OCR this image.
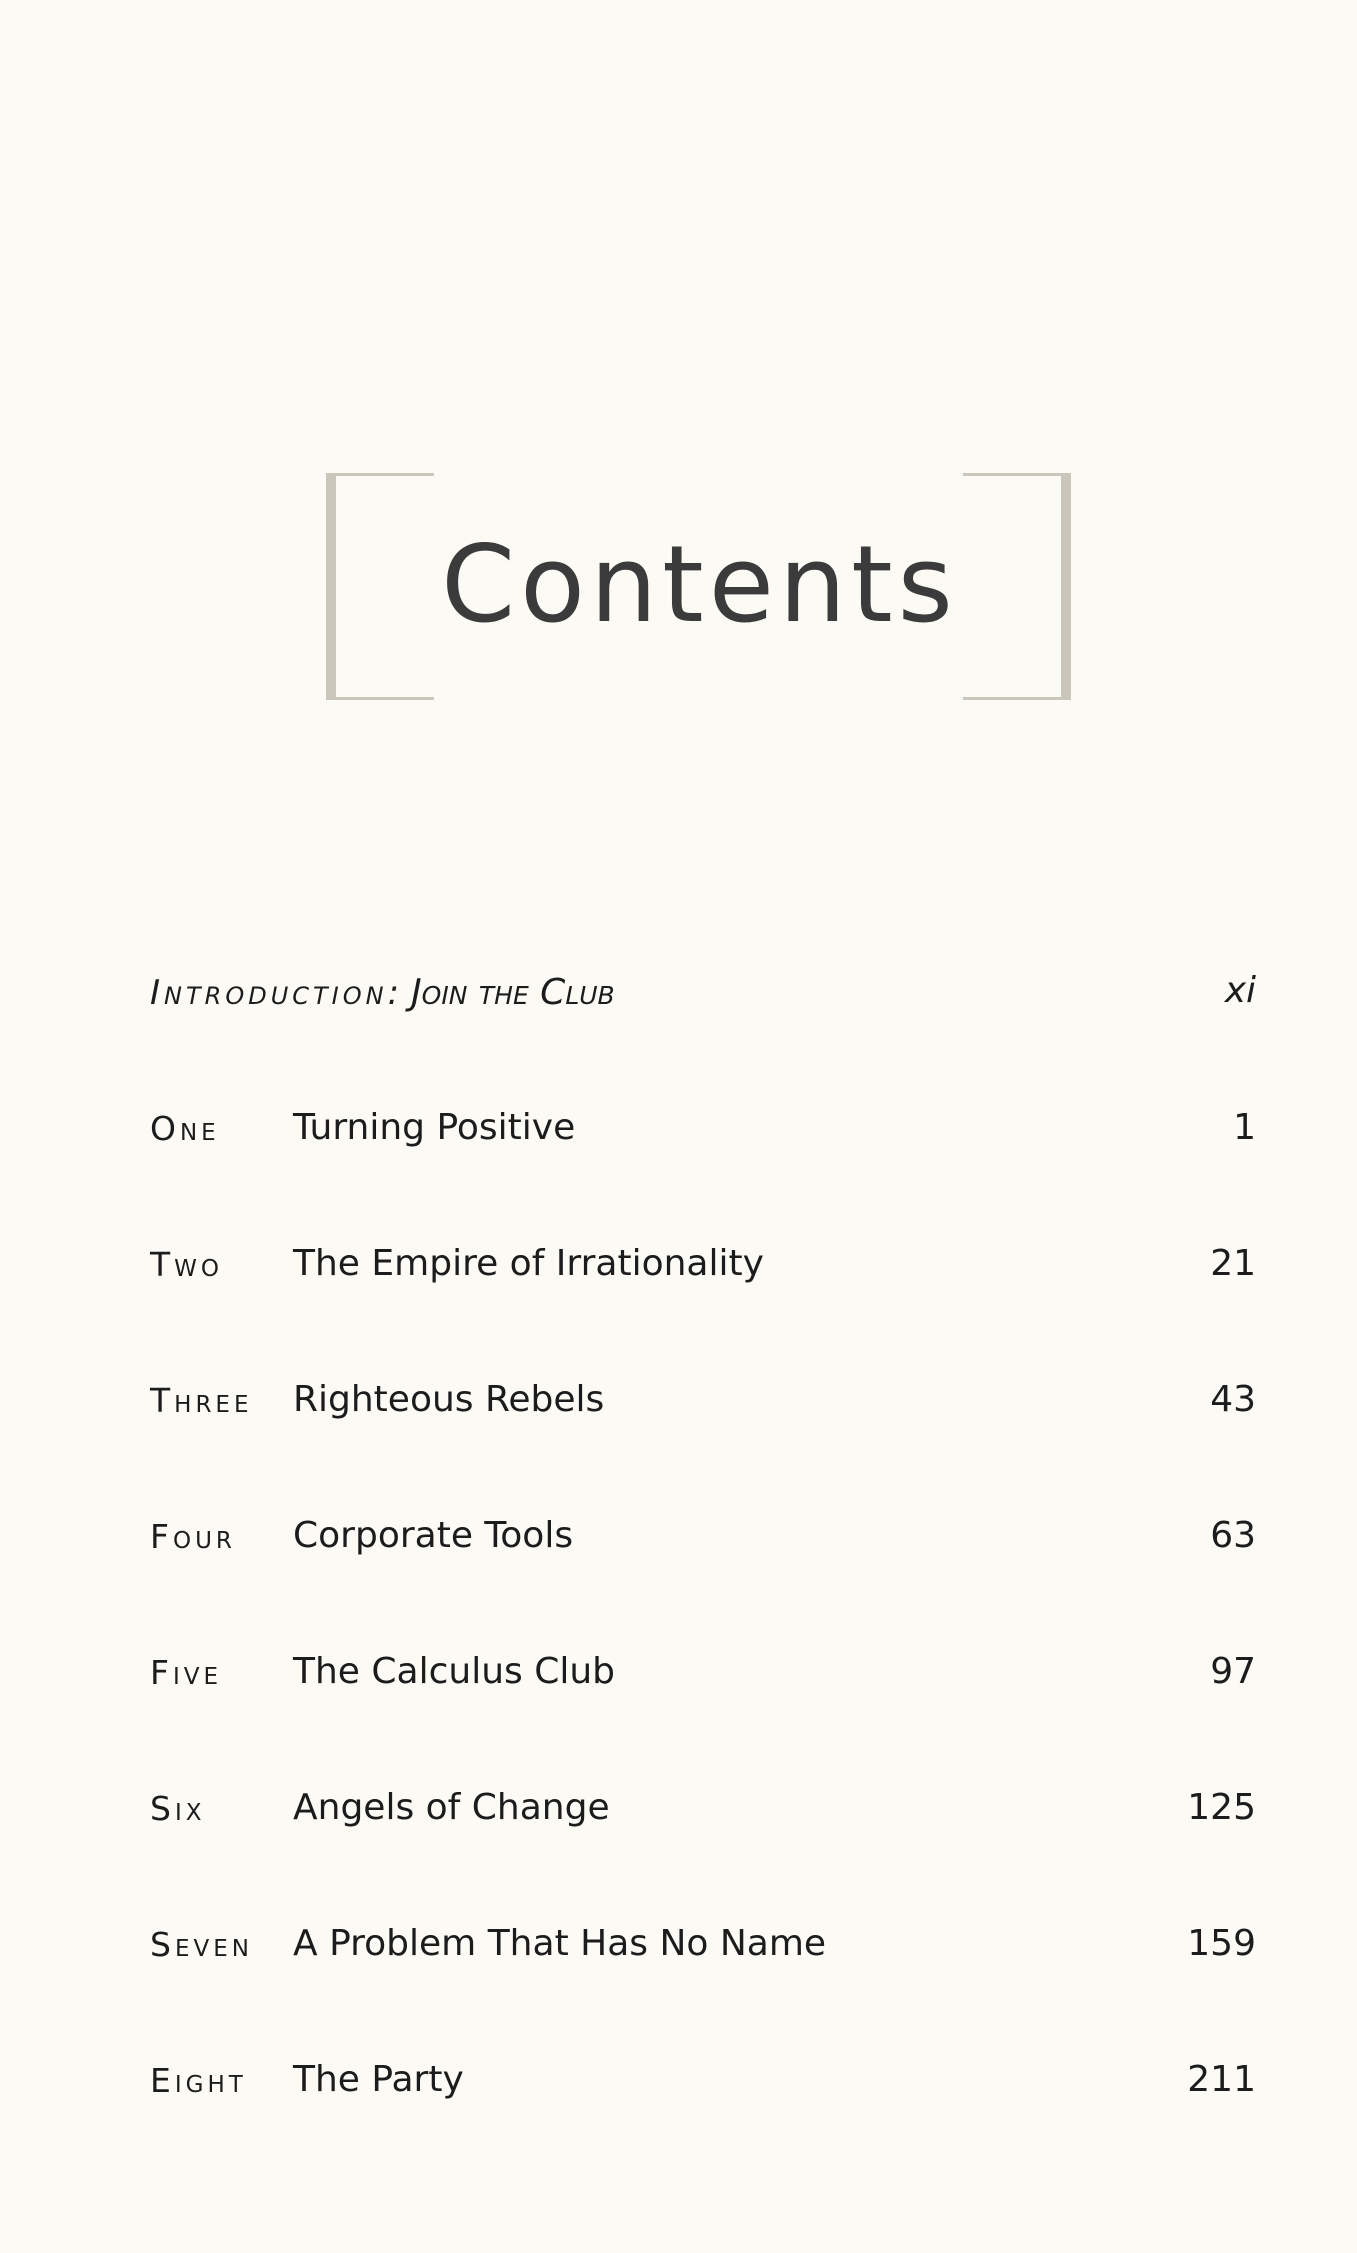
Contents
Introduction: Join the Club	xi
One Turning Positive	1
Two The Empire of Irrationality	21
Three Righteous Rebels	43
Four Corporate Tools	63
Five The Calculus Club	97
Six Angels of Change	125
Seven A Problem That Has No Name	159
Eight The Party	211
